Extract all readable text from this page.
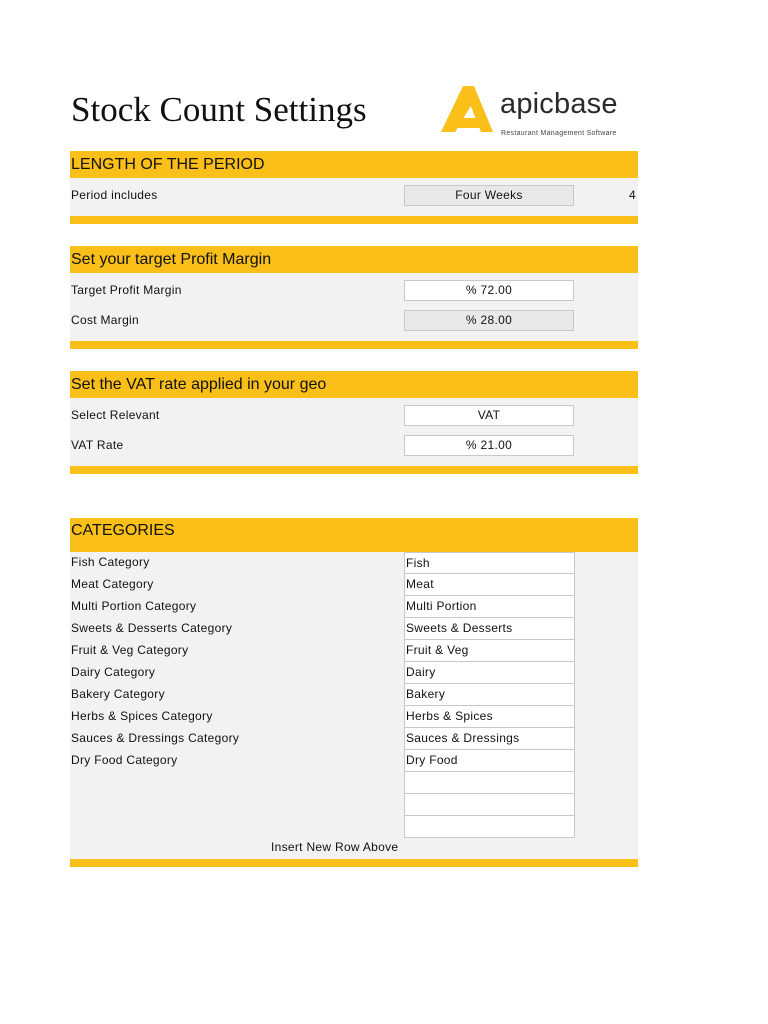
Stock Count Settings	apicbase
Restaurant Management Software
LENGTH OF THE PERIOD
Period includes	Four Weeks	4
Set your target Profit Margin
Target Profit Margin	% 72.00
Cost Margin	% 28.00
Set the VAT rate applied in your geo
Select Relevant	VAT
VAT Rate	% 21.00
CATEGORIES
Fish Category	Fish
Meat Category	Meat
Multi Portion Category	Multi Portion
Sweets & Desserts Category	Sweets & Desserts
Fruit & Veg Category	Fruit & Veg
Dairy Category	Dairy
Bakery Category	Bakery
Herbs & Spices Category	Herbs & Spices
Sauces & Dressings Category	Sauces & Dressings
Dry Food Category	Dry Food
Insert New Row Above
